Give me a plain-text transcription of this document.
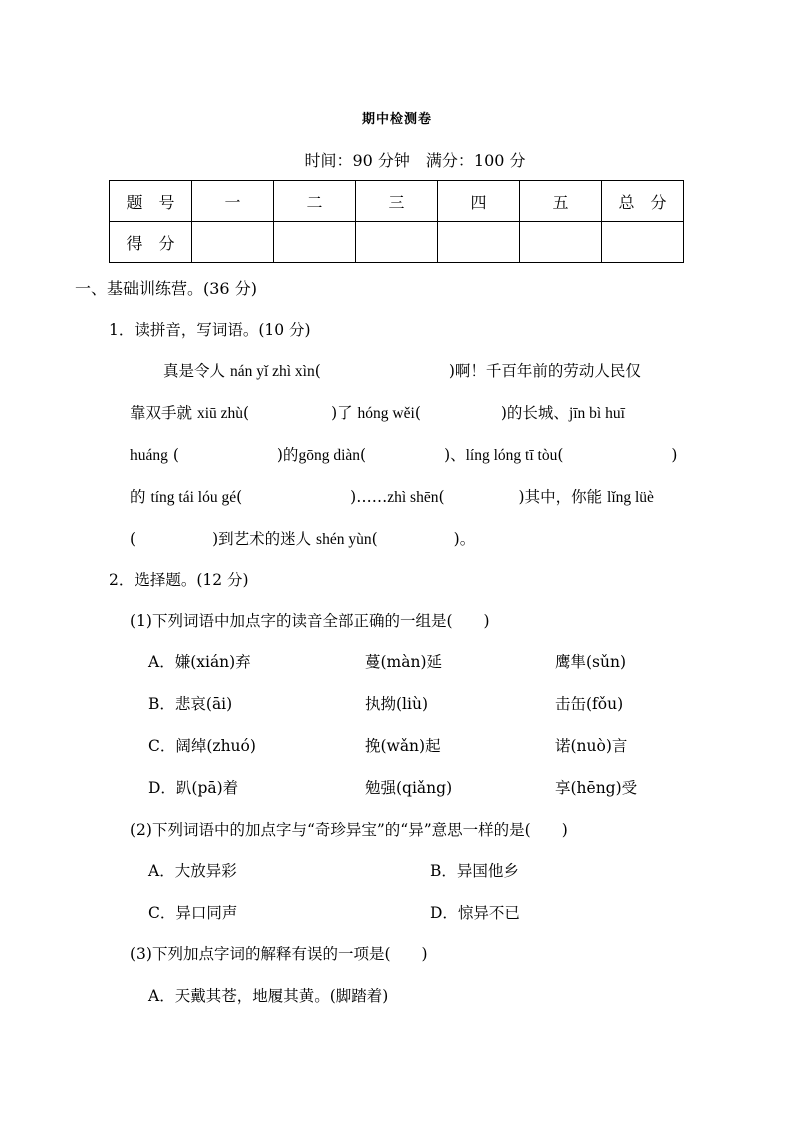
期中检测卷
时间：90 分钟　满分：100 分
题　号	一	二	三	四	五	总　分
得　分						
一、基础训练营。(36 分)
1．读拼音，写词语。(10 分)
真是令人 nán yǐ zhì xìn(	)啊！千百年前的劳动人民仅
靠双手就 xiū zhù(	)了 hóng wěi(	)的长城、jīn bì huī
huáng (	)的gōng diàn(	)、líng lóng tī tòu(	)
的 tíng tái lóu gé(	)……zhì shēn(	)其中，你能 lǐng lüè
(	)到艺术的迷人 shén yùn(	)。
2．选择题。(12 分)
(1)下列词语中加点字的读音全部正确的一组是(　　)
A．嫌(xián)弃	蔓(màn)延	鹰隼(sǔn)
B．悲哀(āi)	执拗(liù)	击缶(fǒu)
C．阔绰(zhuó)	挽(wǎn)起	诺(nuò)言
D．趴(pā)着	勉强(qiǎng)	享(hēng)受
(2)下列词语中的加点字与“奇珍异宝”的“异”意思一样的是(　　)
A．大放异彩	B．异国他乡
C．异口同声	D．惊异不已
(3)下列加点字词的解释有误的一项是(　　)
A．天戴其苍，地履其黄。(脚踏着)
